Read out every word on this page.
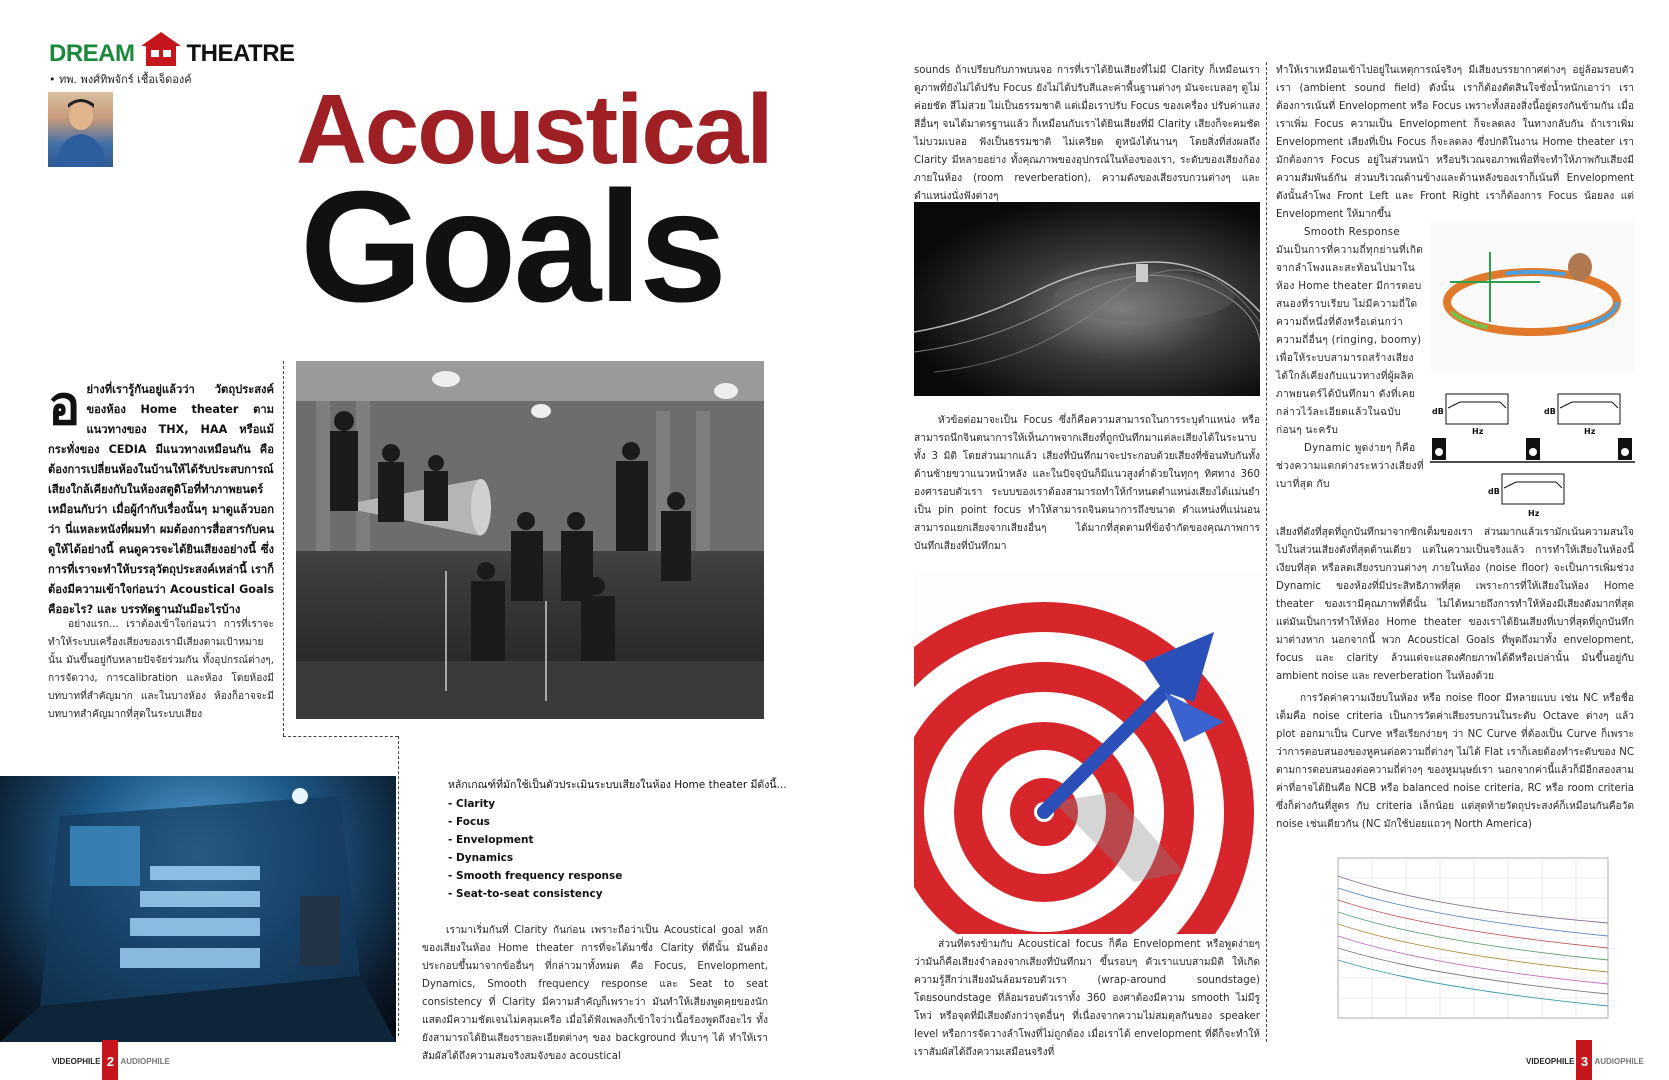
DREAM THEATRE
• ทพ. พงศ์ทิพจักร์ เชื้อเจ็ดองค์ Acoustical
Goals
อ ย่างที่เรารู้กันอยู่แล้วว่า วัตถุประสงค์ของห้อง Home theater ตามแนวทางของ THX, HAA หรือแม้กระทั่งของ CEDIA มีแนวทางเหมือนกัน คือ ต้องการเปลี่ยนห้องในบ้านให้ได้รับประสบการณ์เสียงใกล้เคียงกับในห้องสตูดิโอที่ทำภาพยนตร์ เหมือนกับว่า เมื่อผู้กำกับเรื่องนั้นๆ มาดูแล้วบอกว่า นี่แหละหนังที่ผมทำ ผมต้องการสื่อสารกับคนดูให้ได้อย่างนี้ คนดูควรจะได้ยินเสียงอย่างนี้ ซึ่งการที่เราจะทำให้บรรลุวัตถุประสงค์เหล่านี้ เราก็ต้องมีความเข้าใจก่อนว่า Acoustical Goals คืออะไร? และ บรรทัดฐานมันมีอะไรบ้าง
อย่างแรก... เราต้องเข้าใจก่อนว่า การที่เราจะทำให้ระบบเครื่องเสียงของเรามีเสียงตามเป้าหมายนั้น มันขึ้นอยู่กับหลายปัจจัยร่วมกัน ทั้งอุปกรณ์ต่างๆ, การจัดวาง, การcalibration และห้อง โดยห้องมีบทบาทที่สำคัญมาก และในบางห้อง ห้องก็อาจจะมีบทบาทสำคัญมากที่สุดในระบบเสียง
หลักเกณฑ์ที่มักใช้เป็นตัวประเมินระบบเสียงในห้อง Home theater มีดังนี้...
- Clarity
- Focus
- Envelopment
- Dynamics
- Smooth frequency response
- Seat-to-seat consistency
เรามาเริ่มกันที่ Clarity กันก่อน เพราะถือว่าเป็น Acoustical goal หลักของเสียงในห้อง Home theater การที่จะได้มาซึ่ง Clarity ที่ดีนั้น มันต้องประกอบขึ้นมาจากข้ออื่นๆ ที่กล่าวมาทั้งหมด คือ Focus, Envelopment, Dynamics, Smooth frequency response และ Seat to seat consistency ที่ Clarity มีความสำคัญก็เพราะว่า มันทำให้เสียงพูดคุยของนักแสดงมีความชัดเจนไม่คลุมเครือ เมื่อได้ฟังเพลงก็เข้าใจว่าเนื้อร้องพูดถึงอะไร ทั้งยังสามารถได้ยินเสียงรายละเอียดต่างๆ ของ background ที่เบาๆ ได้ ทำให้เราสัมผัสได้ถึงความสมจริงสมจังของ acoustical
sounds ถ้าเปรียบกับภาพบนจอ การที่เราได้ยินเสียงที่ไม่มี Clarity ก็เหมือนเราดูภาพที่ยังไม่ได้ปรับ Focus ยังไม่ได้ปรับสีและค่าพื้นฐานต่างๆ มันจะเบลอๆ ดูไม่ค่อยชัด สีไม่สวย ไม่เป็นธรรมชาติ แต่เมื่อเราปรับ Focus ของเครื่อง ปรับค่าแสงสีอื่นๆ จนได้มาตรฐานแล้ว ก็เหมือนกับเราได้ยินเสียงที่มี Clarity เสียงก็จะคมชัดไม่บวมเบลอ ฟังเป็นธรรมชาติ ไม่เครียด ดูหนังได้นานๆ โดยสิ่งที่ส่งผลถึง Clarity มีหลายอย่าง ทั้งคุณภาพของอุปกรณ์ในห้องของเรา, ระดับของเสียงก้องภายในห้อง (room reverberation), ความดังของเสียงรบกวนต่างๆ และตำแหน่งนั่งฟังต่างๆ
หัวข้อต่อมาจะเป็น Focus ซึ่งก็คือความสามารถในการระบุตำแหน่ง หรือสามารถนึกจินตนาการให้เห็นภาพจากเสียงที่ถูกบันทึกมาแต่ละเสียงได้ในระนาบทั้ง 3 มิติ โดยส่วนมากแล้ว เสียงที่บันทึกมาจะประกอบด้วยเสียงที่ซ้อนทับกันทั้งด้านซ้ายขวาแนวหน้าหลัง และในปัจจุบันก็มีแนวสูงต่ำด้วยในทุกๆ ทิศทาง 360 องศารอบตัวเรา ระบบของเราต้องสามารถทำให้กำหนดตำแหน่งเสียงได้แม่นยำเป็น pin point focus ทำให้สามารถจินตนาการถึงขนาด ตำแหน่งที่แน่นอน สามารถแยกเสียงจากเสียงอื่นๆ ได้มากที่สุดตามที่ข้อจำกัดของคุณภาพการบันทึกเสียงที่บันทึกมา
ส่วนที่ตรงข้ามกับ Acoustical focus ก็คือ Envelopment หรือพูดง่ายๆ ว่ามันก็คือเสียงจำลองจากเสียงที่บันทึกมา ขึ้นรอบๆ ตัวเราแบบสามมิติ ให้เกิดความรู้สึกว่าเสียงมันล้อมรอบตัวเรา (wrap-around soundstage) โดยsoundstage ที่ล้อมรอบตัวเราทั้ง 360 องศาต้องมีความ smooth ไม่มีรูโหว่ หรือจุดที่มีเสียงดังกว่าจุดอื่นๆ ที่เนื่องจากความไม่สมดุลกันของ speaker level หรือการจัดวางลำโพงที่ไม่ถูกต้อง เมื่อเราได้ envelopment ที่ดีก็จะทำให้เราสัมผัสได้ถึงความเสมือนจริงที่
ทำให้เราเหมือนเข้าไปอยู่ในเหตุการณ์จริงๆ มีเสียงบรรยากาศต่างๆ อยู่ล้อมรอบตัวเรา (ambient sound field) ดังนั้น เราก็ต้องตัดสินใจชั่งน้ำหนักเอาว่า เราต้องการเน้นที่ Envelopment หรือ Focus เพราะทั้งสองสิ่งนี้อยู่ตรงกันข้ามกัน เมื่อเราเพิ่ม Focus ความเป็น Envelopment ก็จะลดลง ในทางกลับกัน ถ้าเราเพิ่ม Envelopment เสียงที่เป็น Focus ก็จะลดลง ซึ่งปกติในงาน Home theater เรามักต้องการ Focus อยู่ในส่วนหน้า หรือบริเวณจอภาพเพื่อที่จะทำให้ภาพกับเสียงมีความสัมพันธ์กัน ส่วนบริเวณด้านข้างและด้านหลังของเราก็เน้นที่ Envelopment ดังนั้นลำโพง Front Left และ Front Right เราก็ต้องการ Focus น้อยลง แต่ Envelopment ให้มากขึ้น

Smooth Response

มันเป็นการที่ความถี่ทุกย่านที่เกิดจากลำโพงและสะท้อนไปมาในห้อง Home theater มีการตอบสนองที่ราบเรียบ ไม่มีความถี่ใดความถี่หนึ่งที่ดังหรือเด่นกว่าความถี่อื่นๆ (ringing, boomy) เพื่อให้ระบบสามารถสร้างเสียงได้ใกล้เคียงกับแนวทางที่ผู้ผลิตภาพยนตร์ได้บันทึกมา ดังที่เคยกล่าวไว้ละเอียดแล้วในฉบับก่อนๆ นะครับ

Dynamic พูดง่ายๆ ก็คือ ช่วงความแตกต่างระหว่างเสียงที่เบาที่สุด กับ

dB
Hz
dB
Hz
dB
Hz
เสียงที่ดังที่สุดที่ถูกบันทึกมาจากซิกเต็มของเรา ส่วนมากแล้วเรามักเน้นความสนใจไปในส่วนเสียงดังที่สุดด้านเดียว แต่ในความเป็นจริงแล้ว การทำให้เสียงในห้องนี้เงียบที่สุด หรือลดเสียงรบกวนต่างๆ ภายในห้อง (noise floor) จะเป็นการเพิ่มช่วง Dynamic ของห้องที่มีประสิทธิภาพที่สุด เพราะการที่ให้เสียงในห้อง Home theater ของเรามีคุณภาพที่ดีนั้น ไม่ได้หมายถึงการทำให้ห้องมีเสียงดังมากที่สุด แต่มันเป็นการทำให้ห้อง Home theater ของเราได้ยินเสียงที่เบาที่สุดที่ถูกบันทึกมาต่างหาก นอกจากนี้ พวก Acoustical Goals ที่พูดถึงมาทั้ง envelopment, focus และ clarity ล้วนแต่จะแสดงศักยภาพได้ดีหรือเปล่านั้น มันขึ้นอยู่กับ ambient noise และ reverberation ในห้องด้วย
การวัดค่าความเงียบในห้อง หรือ noise floor มีหลายแบบ เช่น NC หรือชื่อเต็มคือ noise criteria เป็นการวัดค่าเสียงรบกวนในระดับ Octave ต่างๆ แล้ว plot ออกมาเป็น Curve หรือเรียกง่ายๆ ว่า NC Curve ที่ต้องเป็น Curve ก็เพราะว่าการตอบสนองของหูคนต่อความถี่ต่างๆ ไม่ได้ Flat เราก็เลยต้องทำระดับของ NC ตามการตอบสนองต่อความถี่ต่างๆ ของหูมนุษย์เรา นอกจากค่านี้แล้วก็มีอีกสองสามค่าที่อาจได้ยินคือ NCB หรือ balanced noise criteria, RC หรือ room criteria ซึ่งก็ต่างกันที่สูตร กับ criteria เล็กน้อย แต่สุดท้ายวัตถุประสงค์ก็เหมือนกันคือวัด noise เช่นเดียวกัน (NC มักใช้บ่อยแถวๆ North America)
VIDEOPHILE 2 AUDIOPHILE	VIDEOPHILE 3 AUDIOPHILE
